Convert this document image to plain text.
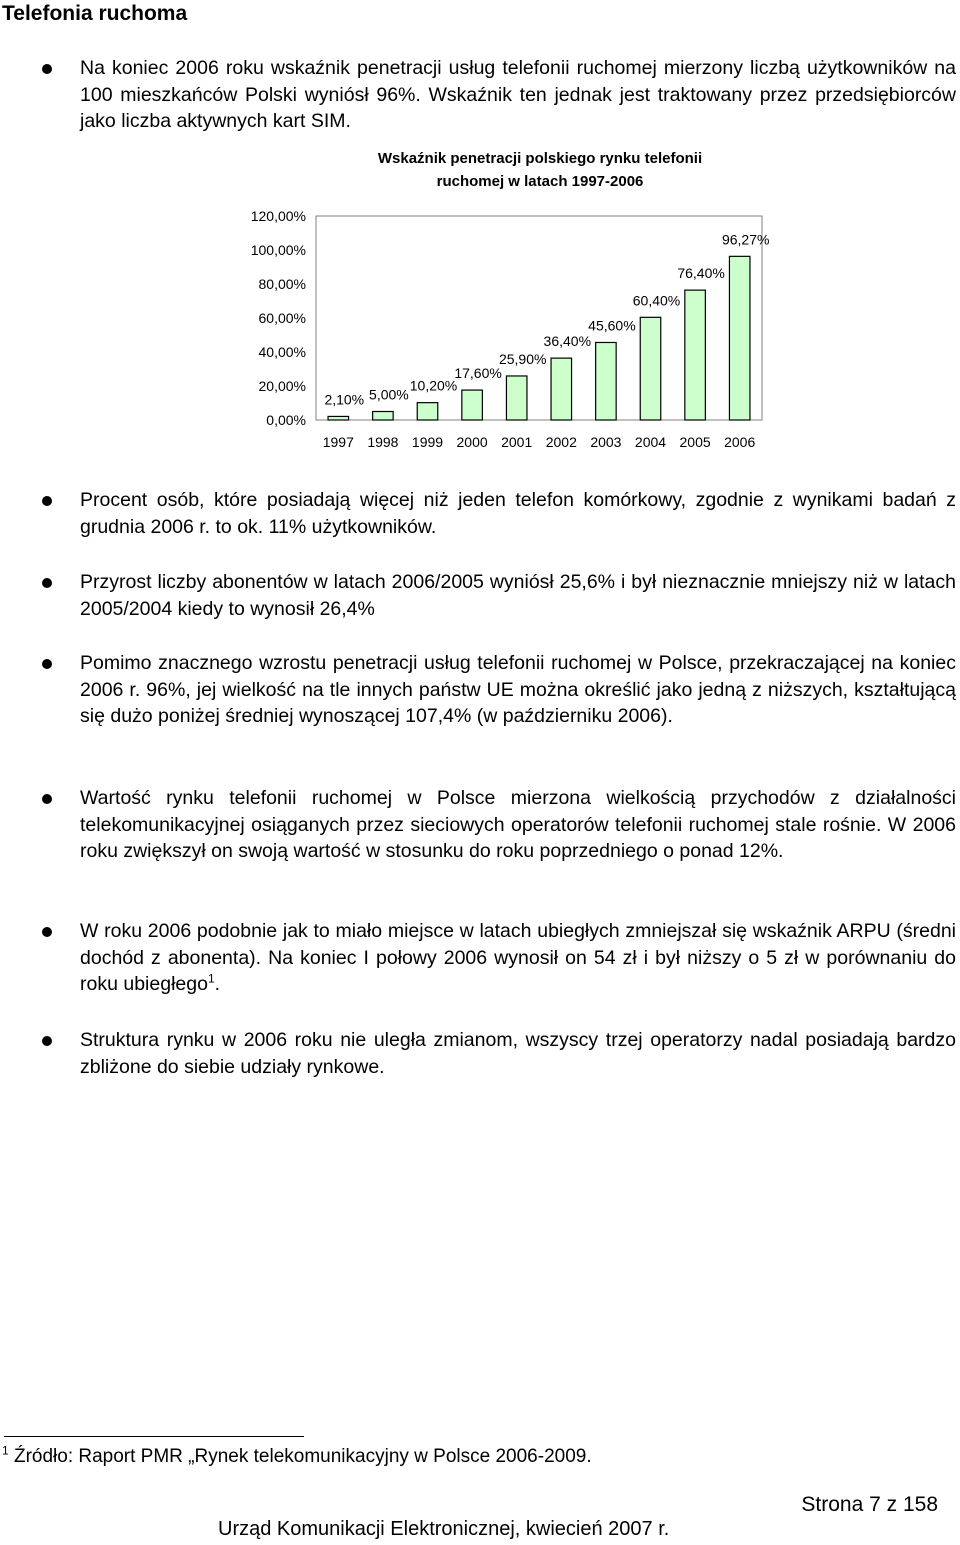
Telefonia ruchoma
Na koniec 2006 roku wskaźnik penetracji usług telefonii ruchomej mierzony liczbą użytkowników na 100 mieszkańców Polski wyniósł 96%. Wskaźnik ten jednak jest traktowany przez przedsiębiorców jako liczba aktywnych kart SIM.
Wskaźnik penetracji polskiego rynku telefonii
ruchomej w latach 1997-2006
0,00%
20,00%
40,00%
60,00%
80,00%
100,00%
120,00%
2,10%
1997
5,00%
1998
10,20%
1999
17,60%
2000
25,90%
2001
36,40%
2002
45,60%
2003
60,40%
2004
76,40%
2005
96,27%
2006
Procent osób, które posiadają więcej niż jeden telefon komórkowy, zgodnie z wynikami badań z grudnia 2006 r. to ok. 11% użytkowników.
Przyrost liczby abonentów w latach 2006/2005 wyniósł 25,6% i był nieznacznie mniejszy niż w latach 2005/2004 kiedy to wynosił 26,4%
Pomimo znacznego wzrostu penetracji usług telefonii ruchomej w Polsce, przekraczającej na koniec 2006 r. 96%, jej wielkość na tle innych państw UE można określić jako jedną z niższych, kształtującą się dużo poniżej średniej wynoszącej 107,4% (w październiku 2006).
Wartość rynku telefonii ruchomej w Polsce mierzona wielkością przychodów z działalności telekomunikacyjnej osiąganych przez sieciowych operatorów telefonii ruchomej stale rośnie. W 2006 roku zwiększył on swoją wartość w stosunku do roku poprzedniego o ponad 12%.
W roku 2006 podobnie jak to miało miejsce w latach ubiegłych zmniejszał się wskaźnik ARPU (średni dochód z abonenta). Na koniec I połowy 2006 wynosił on 54 zł i był niższy o 5 zł w porównaniu do roku ubiegłego$^1$.
Struktura rynku w 2006 roku nie uległa zmianom, wszyscy trzej operatorzy nadal posiadają bardzo zbliżone do siebie udziały rynkowe.
$^1$ Źródło: Raport PMR „Rynek telekomunikacyjny w Polsce 2006-2009.
Strona 7 z 158
Urząd Komunikacji Elektronicznej, kwiecień 2007 r.
